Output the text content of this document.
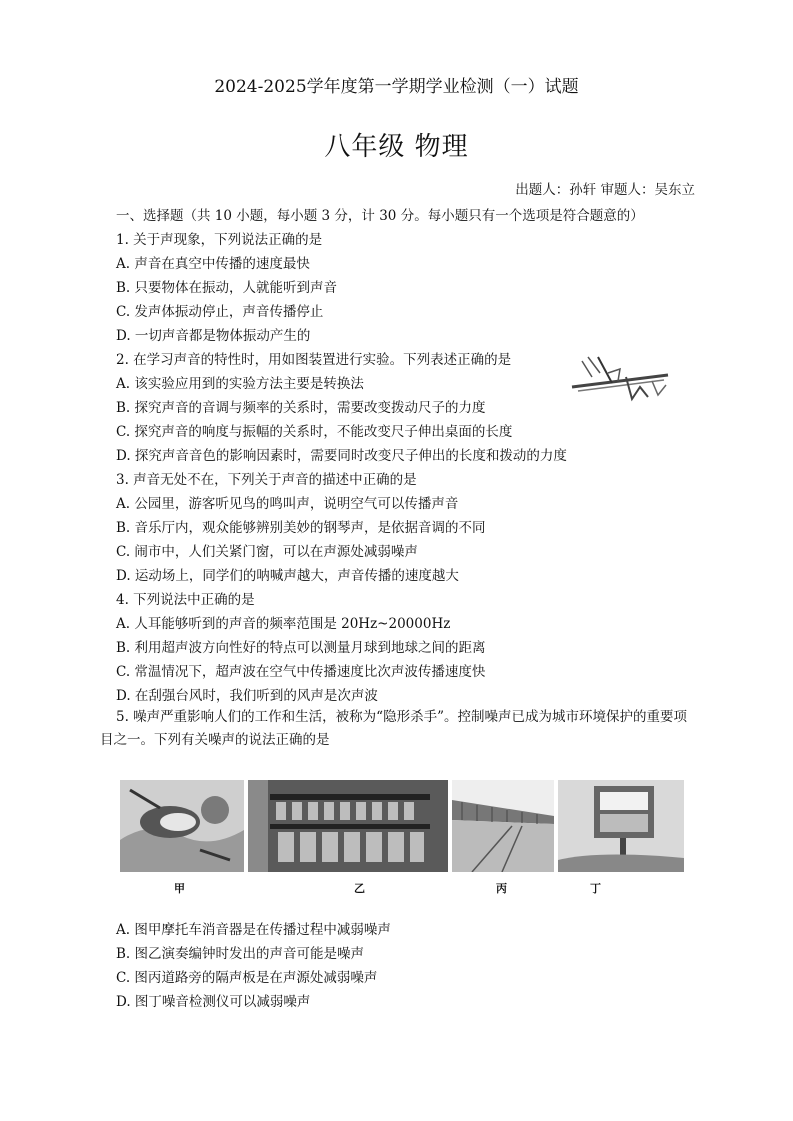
2024-2025学年度第一学期学业检测（一）试题
八年级 物理
出题人：孙轩 审题人：吴东立
一、选择题（共 10 小题，每小题 3 分，计 30 分。每小题只有一个选项是符合题意的）
1. 关于声现象，下列说法正确的是
A. 声音在真空中传播的速度最快
B. 只要物体在振动，人就能听到声音
C. 发声体振动停止，声音传播停止
D. 一切声音都是物体振动产生的
2. 在学习声音的特性时，用如图装置进行实验。下列表述正确的是
A. 该实验应用到的实验方法主要是转换法
B. 探究声音的音调与频率的关系时，需要改变拨动尺子的力度
C. 探究声音的响度与振幅的关系时，不能改变尺子伸出桌面的长度
D. 探究声音音色的影响因素时，需要同时改变尺子伸出的长度和拨动的力度
3. 声音无处不在，下列关于声音的描述中正确的是
A. 公园里，游客听见鸟的鸣叫声，说明空气可以传播声音
B. 音乐厅内，观众能够辨别美妙的钢琴声，是依据音调的不同
C. 闹市中，人们关紧门窗，可以在声源处减弱噪声
D. 运动场上，同学们的呐喊声越大，声音传播的速度越大
4. 下列说法中正确的是
A. 人耳能够听到的声音的频率范围是 20Hz~20000Hz
B. 利用超声波方向性好的特点可以测量月球到地球之间的距离
C. 常温情况下，超声波在空气中传播速度比次声波传播速度快
D. 在刮强台风时，我们听到的风声是次声波
5. 噪声严重影响人们的工作和生活，被称为“隐形杀手”。控制噪声已成为城市环境保护的重要项目之一。下列有关噪声的说法正确的是
甲	乙	丙	丁
A. 图甲摩托车消音器是在传播过程中减弱噪声
B. 图乙演奏编钟时发出的声音可能是噪声
C. 图丙道路旁的隔声板是在声源处减弱噪声
D. 图丁噪音检测仪可以减弱噪声
